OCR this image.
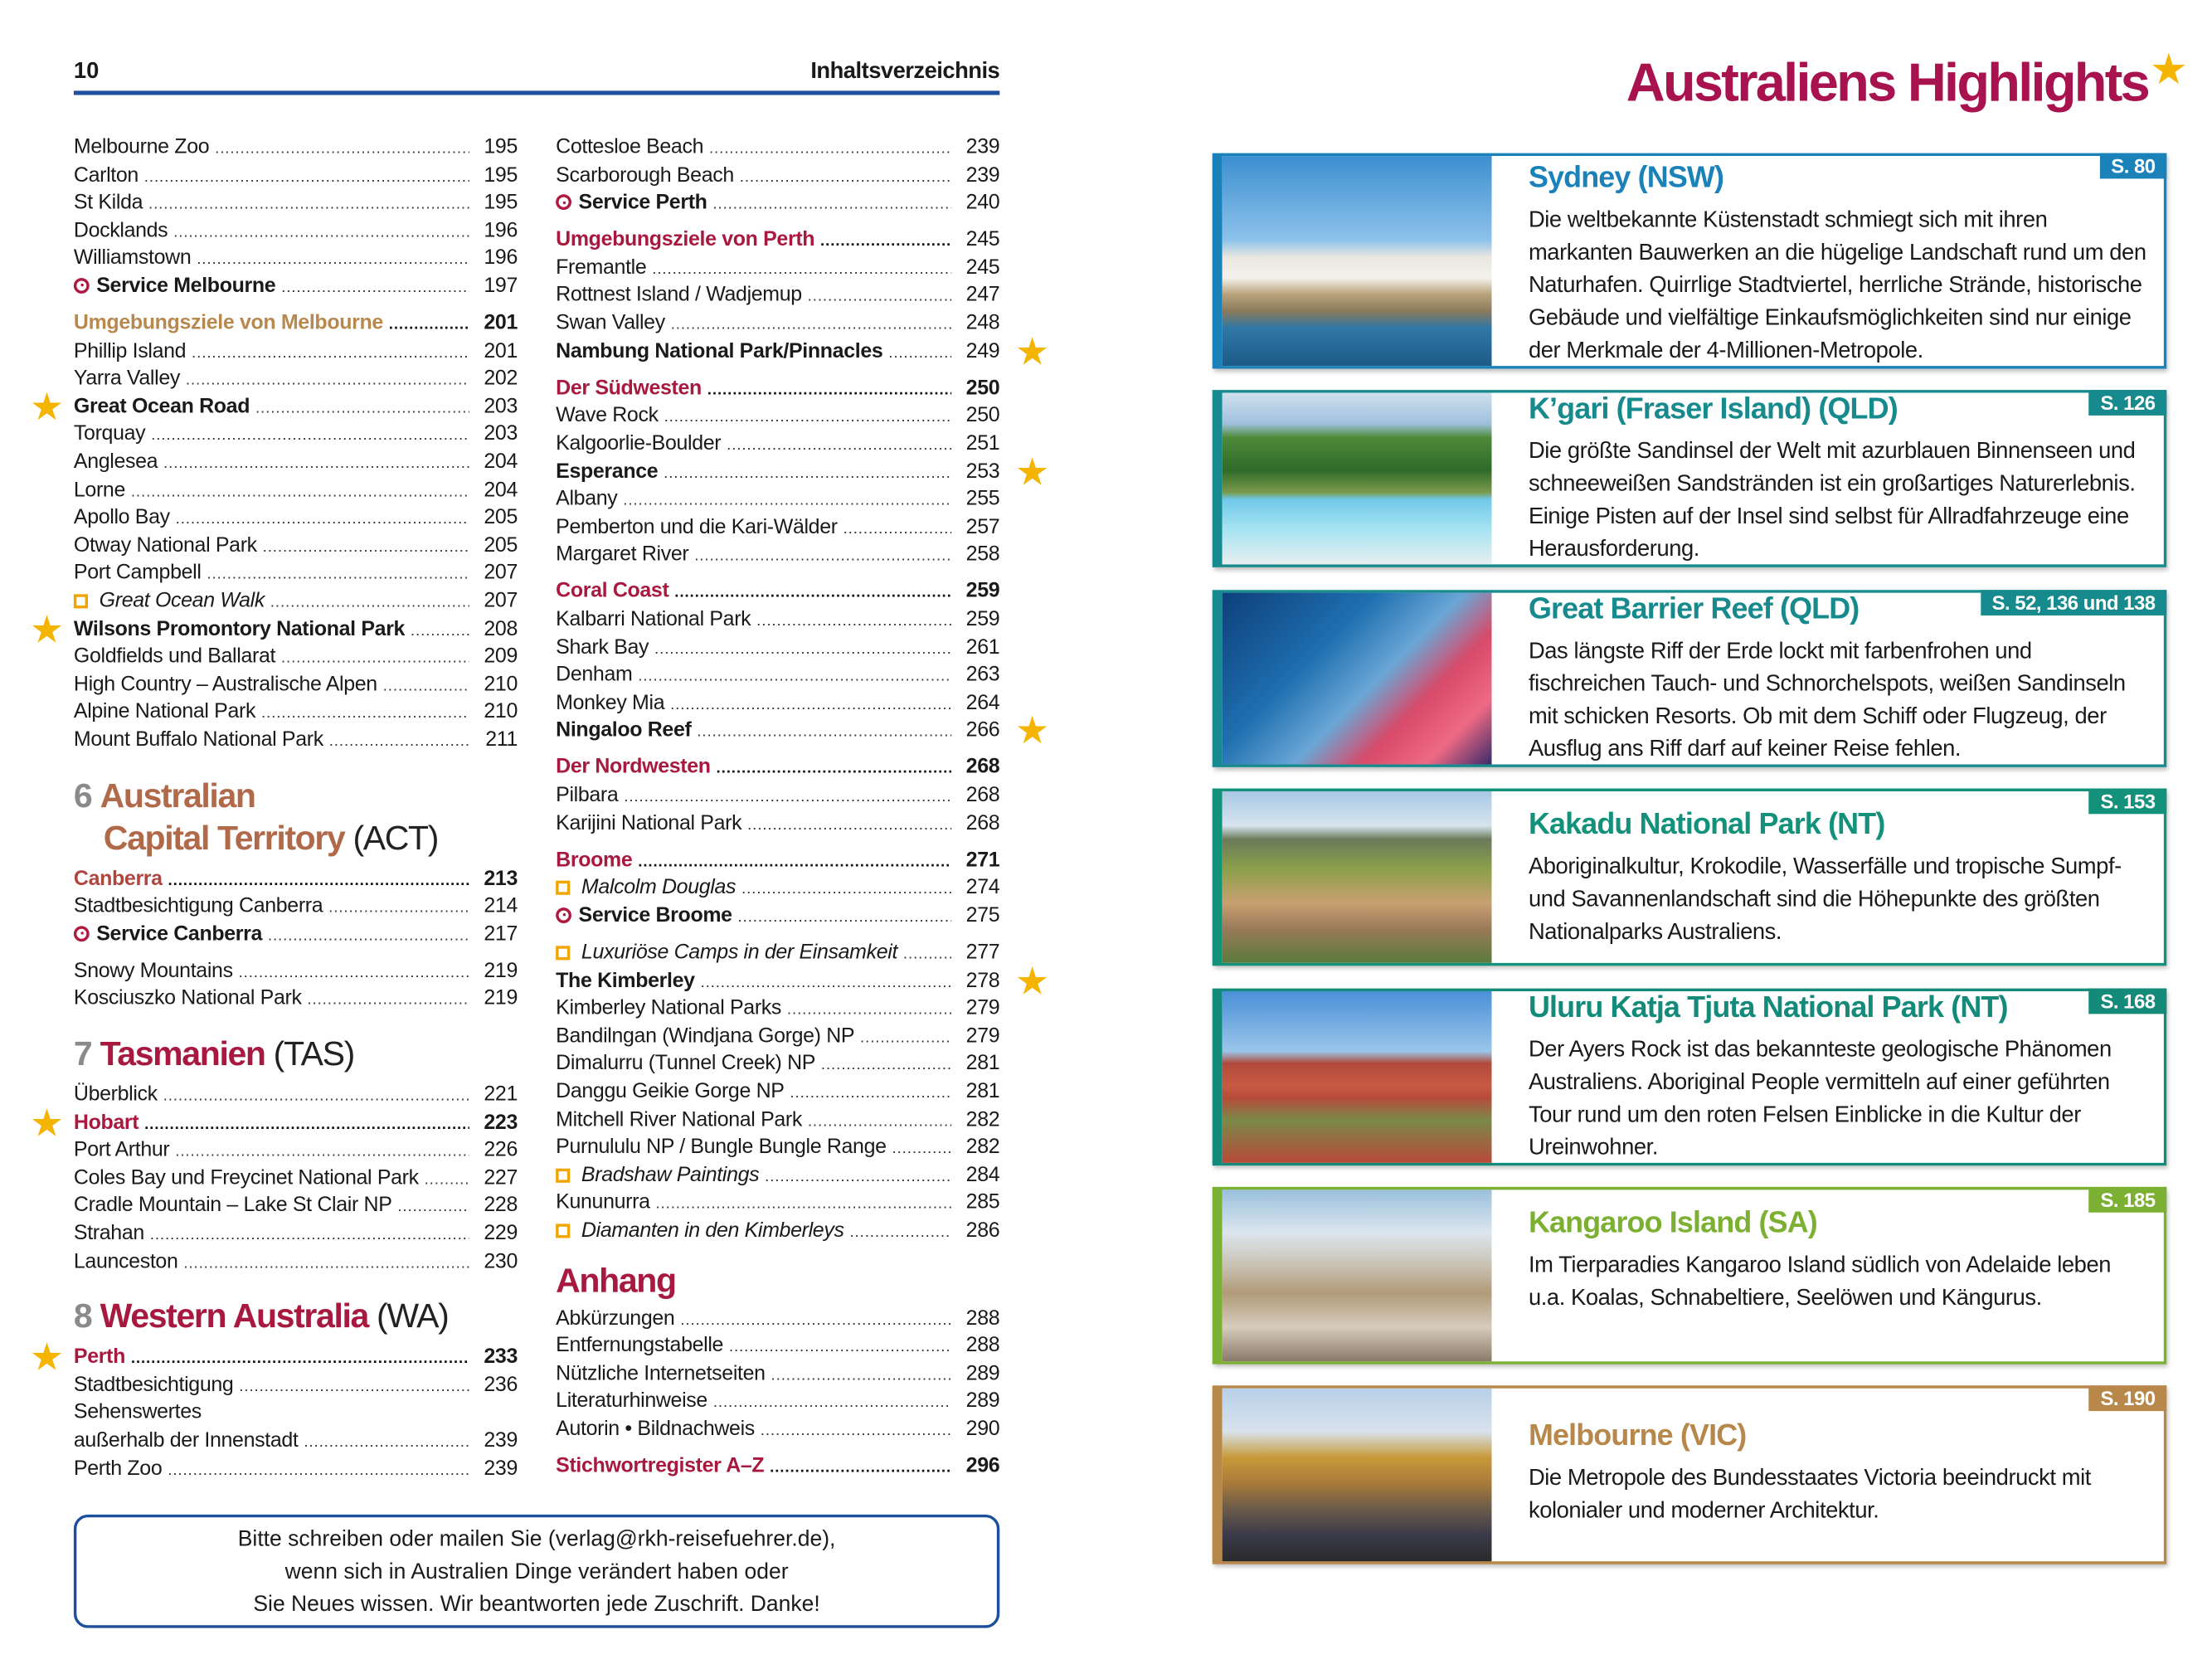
10	Inhaltsverzeichnis
Melbourne Zoo .....	195
Carlton .....	195
St Kilda .....	195
Docklands .....	196
Williamstown .....	196
Service Melbourne .....	197
Umgebungsziele von Melbourne .....	201
Phillip Island .....	201
Yarra Valley .....	202
Great Ocean Road .....	203
★
Torquay .....	203
Anglesea .....	204
Lorne .....	204
Apollo Bay .....	205
Otway National Park .....	205
Port Campbell .....	207
Great Ocean Walk .....	207
Wilsons Promontory National Park .....	208
★
Goldfields und Ballarat .....	209
High Country – Australische Alpen .....	210
Alpine National Park .....	210
Mount Buffalo National Park .....	211
6 Australian
Capital Territory (ACT)
Canberra .....	213
Stadtbesichtigung Canberra .....	214
Service Canberra .....	217
Snowy Mountains .....	219
Kosciuszko National Park .....	219
7 Tasmanien (TAS)
Überblick .....	221
Hobart .....	223
★
Port Arthur .....	226
Coles Bay und Freycinet National Park .....	227
Cradle Mountain – Lake St Clair NP .....	228
Strahan .....	229
Launceston .....	230
8 Western Australia (WA)
Perth .....	233
★
Stadtbesichtigung .....	236
Sehenswertes
außerhalb der Innenstadt .....	239
Perth Zoo .....	239
Cottesloe Beach .....	239
Scarborough Beach .....	239
Service Perth .....	240
Umgebungsziele von Perth .....	245
Fremantle .....	245
Rottnest Island / Wadjemup .....	247
Swan Valley .....	248
Nambung National Park/Pinnacles .....	249 ★
Der Südwesten .....	250
Wave Rock .....	250
Kalgoorlie-Boulder .....	251
Esperance .....	253 ★
Albany .....	255
Pemberton und die Kari-Wälder .....	257
Margaret River .....	258
Coral Coast .....	259
Kalbarri National Park .....	259
Shark Bay .....	261
Denham .....	263
Monkey Mia .....	264
Ningaloo Reef .....	266 ★
Der Nordwesten .....	268
Pilbara .....	268
Karijini National Park .....	268
Broome .....	271
Malcolm Douglas .....	274
Service Broome .....	275
Luxuriöse Camps in der Einsamkeit .....	277
The Kimberley .....	278 ★
Kimberley National Parks .....	279
Bandilngan (Windjana Gorge) NP .....	279
Dimalurru (Tunnel Creek) NP .....	281
Danggu Geikie Gorge NP .....	281
Mitchell River National Park .....	282
Purnululu NP / Bungle Bungle Range .....	282
Bradshaw Paintings .....	284
Kununurra .....	285
Diamanten in den Kimberleys .....	286
Anhang
Abkürzungen .....	288
Entfernungstabelle .....	288
Nützliche Internetseiten .....	289
Literaturhinweise .....	289
Autorin • Bildnachweis .....	290
Stichwortregister A–Z .....	296
Bitte schreiben oder mailen Sie (verlag@rkh-reisefuehrer.de),
wenn sich in Australien Dinge verändert haben oder
Sie Neues wissen. Wir beantworten jede Zuschrift. Danke!
Australiens Highlights ★
S. 80
Sydney (NSW)
Die weltbekannte Küstenstadt schmiegt sich mit ihren markanten Bauwerken an die hügelige Landschaft rund um den Naturhafen. Quirrlige Stadtviertel, herrliche Strände, historische Gebäude und vielfältige Einkaufsmöglichkeiten sind nur einige der Merkmale der 4-Millionen-Metropole.
S. 126
K’gari (Fraser Island) (QLD)
Die größte Sandinsel der Welt mit azurblauen Binnenseen und schneeweißen Sandstränden ist ein großartiges Naturerlebnis. Einige Pisten auf der Insel sind selbst für Allradfahrzeuge eine Herausforderung.
S. 52, 136 und 138
Great Barrier Reef (QLD)
Das längste Riff der Erde lockt mit farbenfrohen und fischreichen Tauch- und Schnorchelspots, weißen Sandinseln mit schicken Resorts. Ob mit dem Schiff oder Flugzeug, der Ausflug ans Riff darf auf keiner Reise fehlen.
S. 153
Kakadu National Park (NT)
Aboriginalkultur, Krokodile, Wasserfälle und tropische Sumpf- und Savannenlandschaft sind die Höhepunkte des größten Nationalparks Australiens.
S. 168
Uluru Katja Tjuta National Park (NT)
Der Ayers Rock ist das bekannteste geologische Phänomen Australiens. Aboriginal People vermitteln auf einer geführten Tour rund um den roten Felsen Einblicke in die Kultur der Ureinwohner.
S. 185
Kangaroo Island (SA)
Im Tierparadies Kangaroo Island südlich von Adelaide leben u.a. Koalas, Schnabeltiere, Seelöwen und Kängurus.
S. 190
Melbourne (VIC)
Die Metropole des Bundesstaates Victoria beeindruckt mit kolonialer und moderner Architektur.
